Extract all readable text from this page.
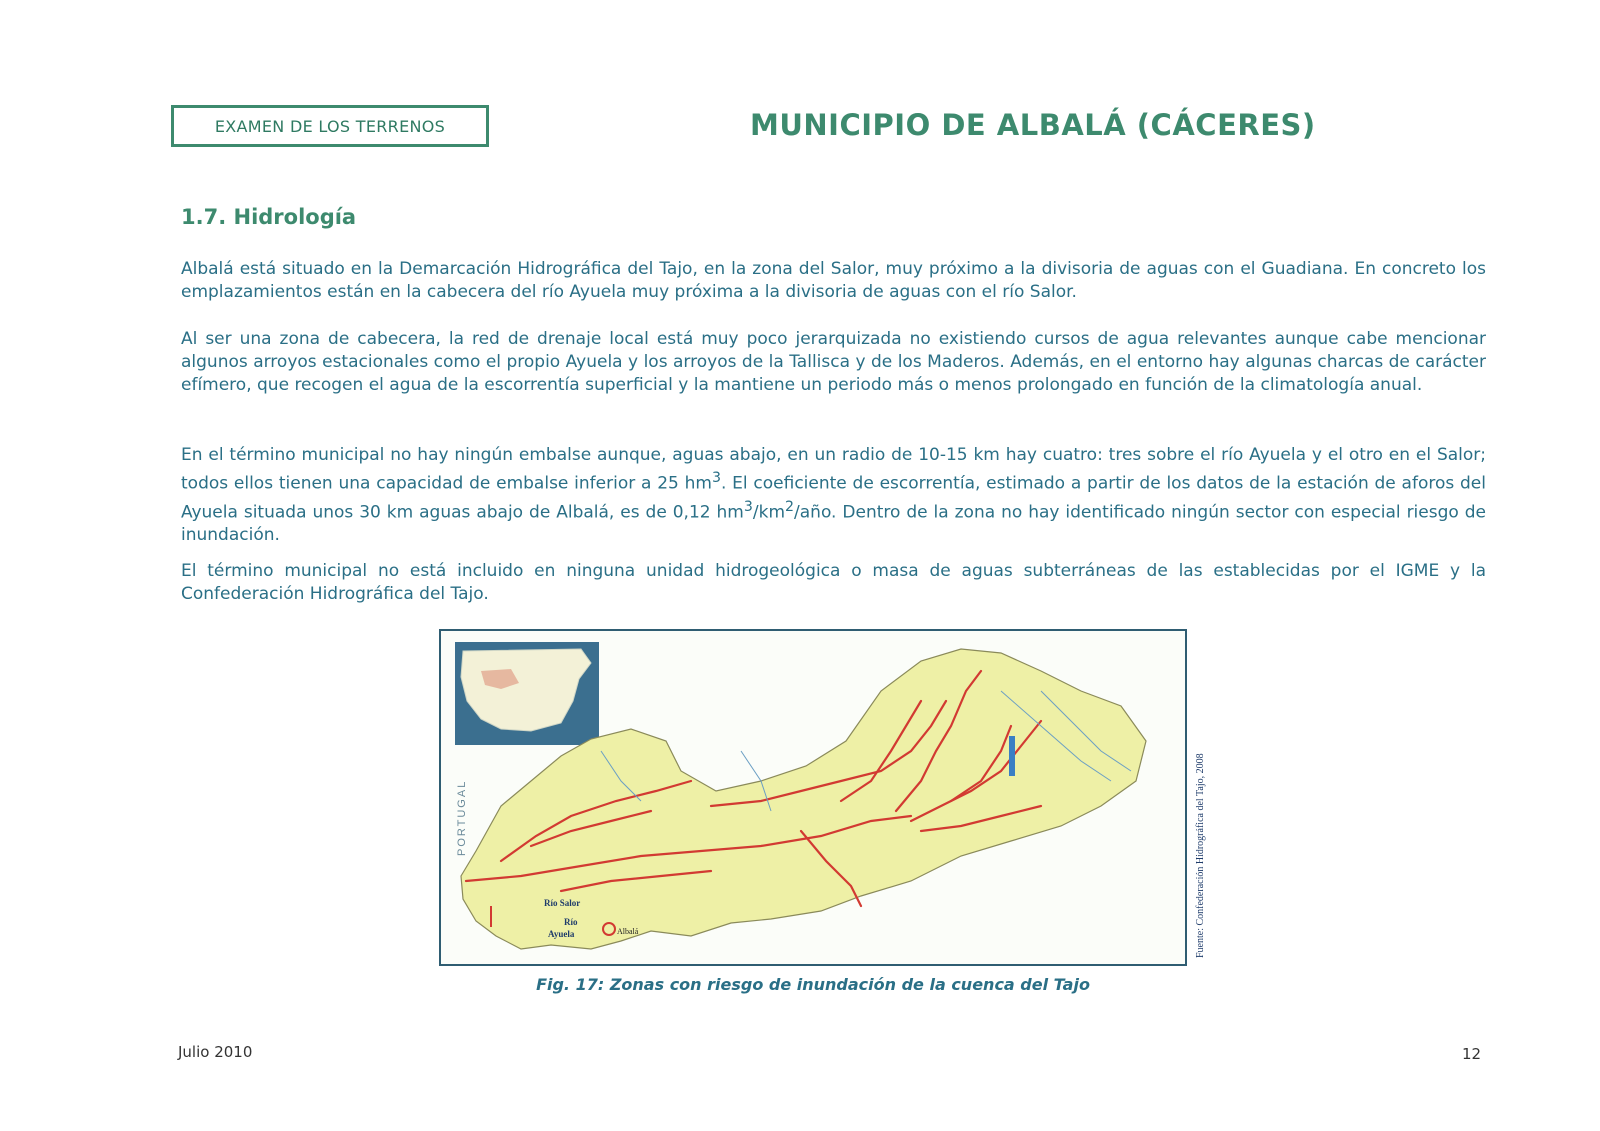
EXAMEN DE LOS TERRENOS	MUNICIPIO DE ALBALÁ (CÁCERES)
1.7. Hidrología

Albalá está situado en la Demarcación Hidrográfica del Tajo, en la zona del Salor, muy próximo a la divisoria de aguas con el Guadiana. En concreto los emplazamientos están en la cabecera del río Ayuela muy próxima a la divisoria de aguas con el río Salor.

Al ser una zona de cabecera, la red de drenaje local está muy poco jerarquizada no existiendo cursos de agua relevantes aunque cabe mencionar algunos arroyos estacionales como el propio Ayuela y los arroyos de la Tallisca y de los Maderos. Además, en el entorno hay algunas charcas de carácter efímero, que recogen el agua de la escorrentía superficial y la mantiene un periodo más o menos prolongado en función de la climatología anual.

En el término municipal no hay ningún embalse aunque, aguas abajo, en un radio de 10-15 km hay cuatro: tres sobre el río Ayuela y el otro en el Salor; todos ellos tienen una capacidad de embalse inferior a 25 $hm^3$. El coeficiente de escorrentía, estimado a partir de los datos de la estación de aforos del Ayuela situada unos 30 km aguas abajo de Albalá, es de 0,12 $hm^3/km^2$/año. Dentro de la zona no hay identificado ningún sector con especial riesgo de inundación.

El término municipal no está incluido en ninguna unidad hidrogeológica o masa de aguas subterráneas de las establecidas por el IGME y la Confederación Hidrográfica del Tajo.

PORTUGAL
Río Salor
Río
Ayuela	Albalá	Fuente: Confederación Hidrográfica del Tajo, 2008
Fig. 17: Zonas con riesgo de inundación de la cuenca del Tajo
Julio 2010	12
